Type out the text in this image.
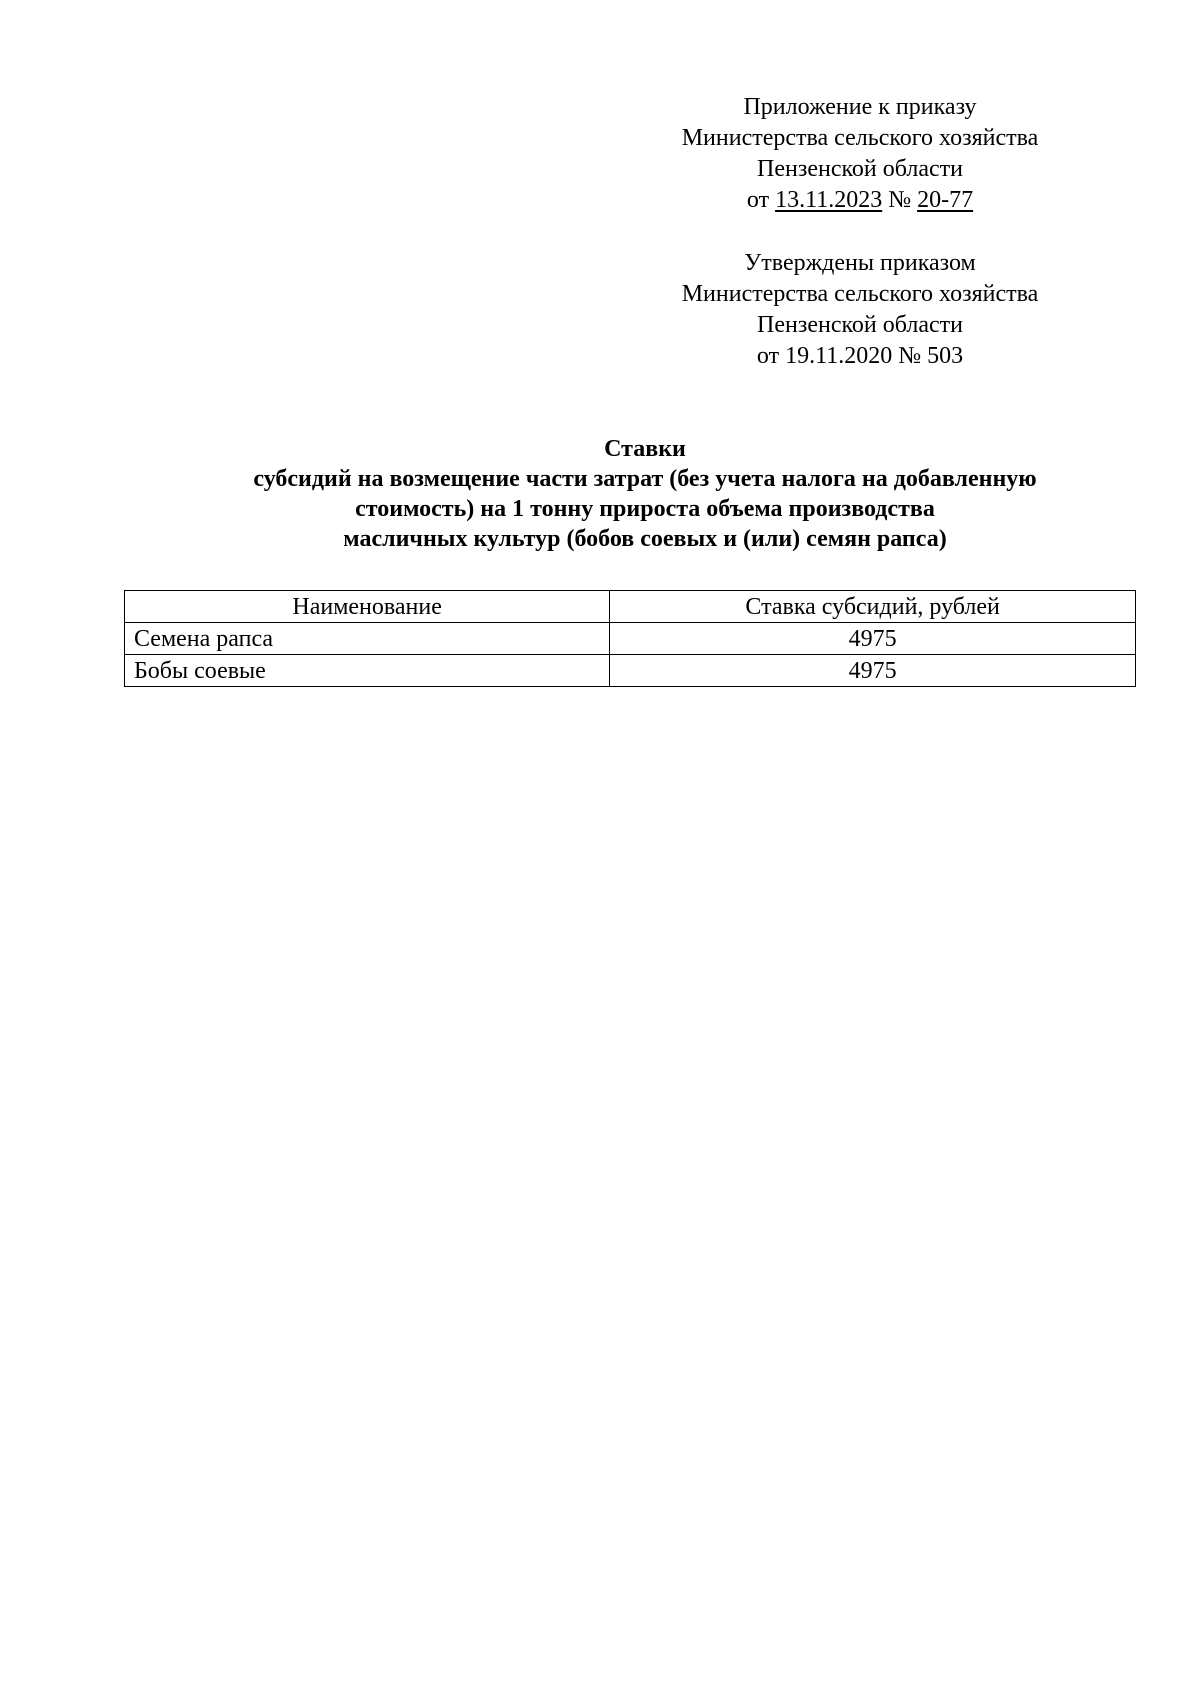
Приложение к приказу
Министерства сельского хозяйства
Пензенской области
от 13.11.2023 № 20-77
Утверждены приказом
Министерства сельского хозяйства
Пензенской области
от 19.11.2020 № 503
Ставки
субсидий на возмещение части затрат (без учета налога на добавленную
стоимость) на 1 тонну прироста объема производства
масличных культур (бобов соевых и (или) семян рапса)
Наименование	Ставка субсидий, рублей
Семена рапса	4975
Бобы соевые	4975
